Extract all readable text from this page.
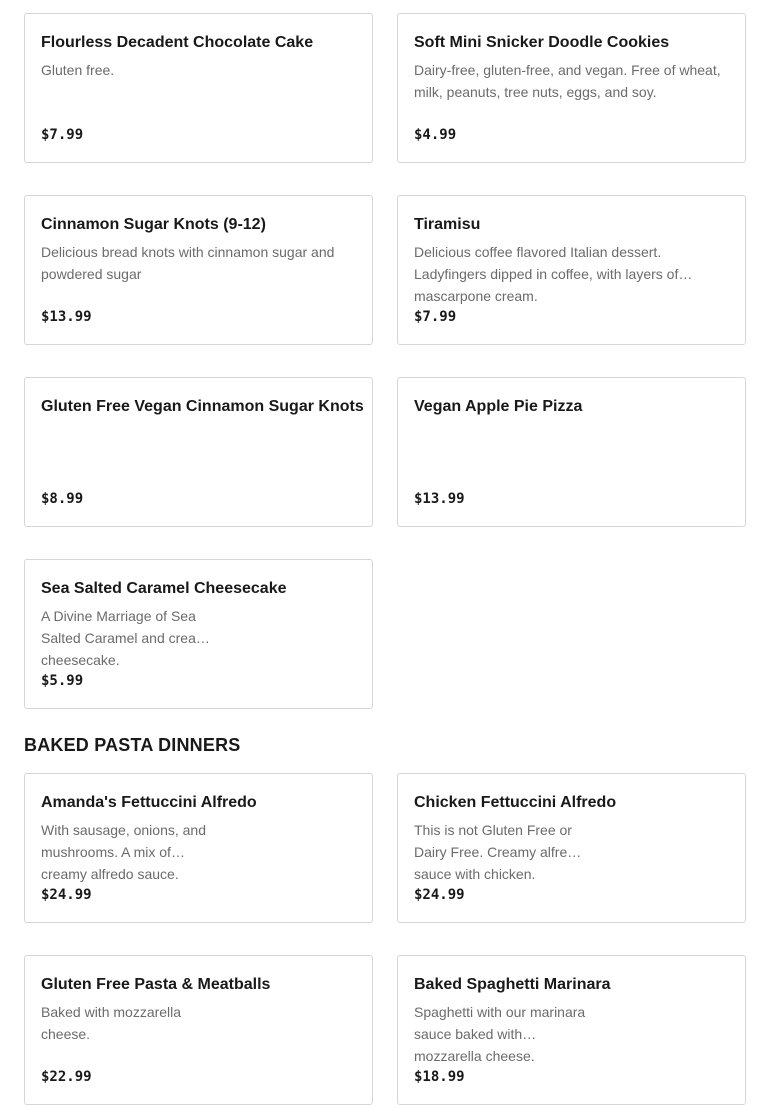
Flourless Decadent Chocolate Cake
Gluten free.
$7.99
Soft Mini Snicker Doodle Cookies
Dairy-free, gluten-free, and vegan. Free of wheat, milk, peanuts, tree nuts, eggs, and soy.
$4.99
Cinnamon Sugar Knots (9-12)
Delicious bread knots with cinnamon sugar and powdered sugar
$13.99
Tiramisu
Delicious coffee flavored Italian dessert. Ladyfingers dipped in coffee, with layers of mascarpone cream.
$7.99
Gluten Free Vegan Cinnamon Sugar Knots
$8.99
Vegan Apple Pie Pizza
$13.99
Sea Salted Caramel Cheesecake
A Divine Marriage of Sea Salted Caramel and creamy cheesecake.
$5.99
BAKED PASTA DINNERS
Amanda's Fettuccini Alfredo
With sausage, onions, and mushrooms. A mix of creamy alfredo sauce.
$24.99
Chicken Fettuccini Alfredo
This is not Gluten Free or Dairy Free. Creamy alfredo sauce with chicken.
$24.99
Gluten Free Pasta & Meatballs
Baked with mozzarella cheese.
$22.99
Baked Spaghetti Marinara
Spaghetti with our marinara sauce baked with mozzarella cheese.
$18.99
